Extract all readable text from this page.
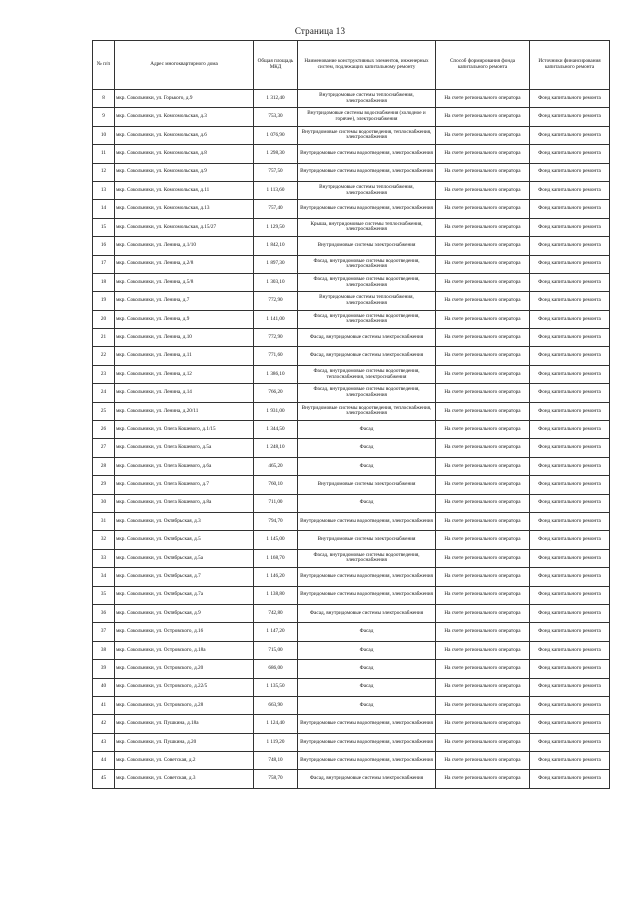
Страница 13
№ п/п	Адрес многоквартирного дома	Общая площадь МКД	Наименование конструктивных элементов, инженерных систем, подлежащих капитальному ремонту	Способ формирования фонда капитального ремонта	Источники финансирования капитального ремонта
8	мкр. Сокольники, ул. Горького, д.9	1 312,40	Внутридомовые системы теплоснабжения, электроснабжения	На счете регионального оператора	Фонд капитального ремонта
9	мкр. Сокольники, ул. Комсомольская, д.3	753,30	Внутридомовые системы водоснабжения (холодное и горячее), электроснабжения	На счете регионального оператора	Фонд капитального ремонта
10	мкр. Сокольники, ул. Комсомольская, д.6	1 076,90	Внутридомовые системы водоотведения, теплоснабжения, электроснабжения	На счете регионального оператора	Фонд капитального ремонта
11	мкр. Сокольники, ул. Комсомольская, д.8	1 298,30	Внутридомовые системы водоотведения, электроснабжения	На счете регионального оператора	Фонд капитального ремонта
12	мкр. Сокольники, ул. Комсомольская, д.9	757,50	Внутридомовые системы водоотведения, электроснабжения	На счете регионального оператора	Фонд капитального ремонта
13	мкр. Сокольники, ул. Комсомольская, д.11	1 113,60	Внутридомовые системы теплоснабжения, электроснабжения	На счете регионального оператора	Фонд капитального ремонта
14	мкр. Сокольники, ул. Комсомольская, д.13	757,40	Внутридомовые системы водоотведения, электроснабжения	На счете регионального оператора	Фонд капитального ремонта
15	мкр. Сокольники, ул. Комсомольская, д.15/27	1 129,50	Крыша, внутридомовые системы теплоснабжения, электроснабжения	На счете регионального оператора	Фонд капитального ремонта
16	мкр. Сокольники, ул. Ленина, д.1/10	1 842,10	Внутридомовые системы электроснабжения	На счете регионального оператора	Фонд капитального ремонта
17	мкр. Сокольники, ул. Ленина, д.2/8	1 897,30	Фасад, внутридомовые системы водоотведения, электроснабжения	На счете регионального оператора	Фонд капитального ремонта
18	мкр. Сокольники, ул. Ленина, д.5/8	1 303,10	Фасад, внутридомовые системы водоотведения, электроснабжения	На счете регионального оператора	Фонд капитального ремонта
19	мкр. Сокольники, ул. Ленина, д.7	772,90	Внутридомовые системы теплоснабжения, электроснабжения	На счете регионального оператора	Фонд капитального ремонта
20	мкр. Сокольники, ул. Ленина, д.9	1 141,00	Фасад, внутридомовые системы водоотведения, электроснабжения	На счете регионального оператора	Фонд капитального ремонта
21	мкр. Сокольники, ул. Ленина, д.10	772,90	Фасад, внутридомовые системы электроснабжения	На счете регионального оператора	Фонд капитального ремонта
22	мкр. Сокольники, ул. Ленина, д.11	771,60	Фасад, внутридомовые системы электроснабжения	На счете регионального оператора	Фонд капитального ремонта
23	мкр. Сокольники, ул. Ленина, д.12	1 386,10	Фасад, внутридомовые системы водоотведения, теплоснабжения, электроснабжения	На счете регионального оператора	Фонд капитального ремонта
24	мкр. Сокольники, ул. Ленина, д.14	766,20	Фасад, внутридомовые системы водоотведения, электроснабжения	На счете регионального оператора	Фонд капитального ремонта
25	мкр. Сокольники, ул. Ленина, д.20/11	1 931,00	Внутридомовые системы водоотведения, теплоснабжения, электроснабжения	На счете регионального оператора	Фонд капитального ремонта
26	мкр. Сокольники, ул. Олега Кошевого, д.1/15	1 344,50	Фасад	На счете регионального оператора	Фонд капитального ремонта
27	мкр. Сокольники, ул. Олега Кошевого, д.5а	1 248,10	Фасад	На счете регионального оператора	Фонд капитального ремонта
28	мкр. Сокольники, ул. Олега Кошевого, д.6а	465,20	Фасад	На счете регионального оператора	Фонд капитального ремонта
29	мкр. Сокольники, ул. Олега Кошевого, д.7	760,10	Внутридомовые системы электроснабжения	На счете регионального оператора	Фонд капитального ремонта
30	мкр. Сокольники, ул. Олега Кошевого, д.8а	711,00	Фасад	На счете регионального оператора	Фонд капитального ремонта
31	мкр. Сокольники, ул. Октябрьская, д.3	794,70	Внутридомовые системы водоотведения, электроснабжения	На счете регионального оператора	Фонд капитального ремонта
32	мкр. Сокольники, ул. Октябрьская, д.5	1 145,00	Внутридомовые системы электроснабжения	На счете регионального оператора	Фонд капитального ремонта
33	мкр. Сокольники, ул. Октябрьская, д.5а	1 168,70	Фасад, внутридомовые системы водоотведения, электроснабжения	На счете регионального оператора	Фонд капитального ремонта
34	мкр. Сокольники, ул. Октябрьская, д.7	1 146,20	Внутридомовые системы водоотведения, электроснабжения	На счете регионального оператора	Фонд капитального ремонта
35	мкр. Сокольники, ул. Октябрьская, д.7а	1 138,80	Внутридомовые системы водоотведения, электроснабжения	На счете регионального оператора	Фонд капитального ремонта
36	мкр. Сокольники, ул. Октябрьская, д.9	742,80	Фасад, внутридомовые системы электроснабжения	На счете регионального оператора	Фонд капитального ремонта
37	мкр. Сокольники, ул. Островского, д.16	1 147,20	Фасад	На счете регионального оператора	Фонд капитального ремонта
38	мкр. Сокольники, ул. Островского, д.18а	715,00	Фасад	На счете регионального оператора	Фонд капитального ремонта
39	мкр. Сокольники, ул. Островского, д.20	686,00	Фасад	На счете регионального оператора	Фонд капитального ремонта
40	мкр. Сокольники, ул. Островского, д.22/5	1 135,50	Фасад	На счете регионального оператора	Фонд капитального ремонта
41	мкр. Сокольники, ул. Островского, д.28	663,90	Фасад	На счете регионального оператора	Фонд капитального ремонта
42	мкр. Сокольники, ул. Пушкина, д.18а	1 124,40	Внутридомовые системы водоотведения, электроснабжения	На счете регионального оператора	Фонд капитального ремонта
43	мкр. Сокольники, ул. Пушкина, д.20	1 119,20	Внутридомовые системы водоотведения, электроснабжения	На счете регионального оператора	Фонд капитального ремонта
44	мкр. Сокольники, ул. Советская, д.2	748,10	Внутридомовые системы водоотведения, электроснабжения	На счете регионального оператора	Фонд капитального ремонта
45	мкр. Сокольники, ул. Советская, д.3	758,70	Фасад, внутридомовые системы электроснабжения	На счете регионального оператора	Фонд капитального ремонта
